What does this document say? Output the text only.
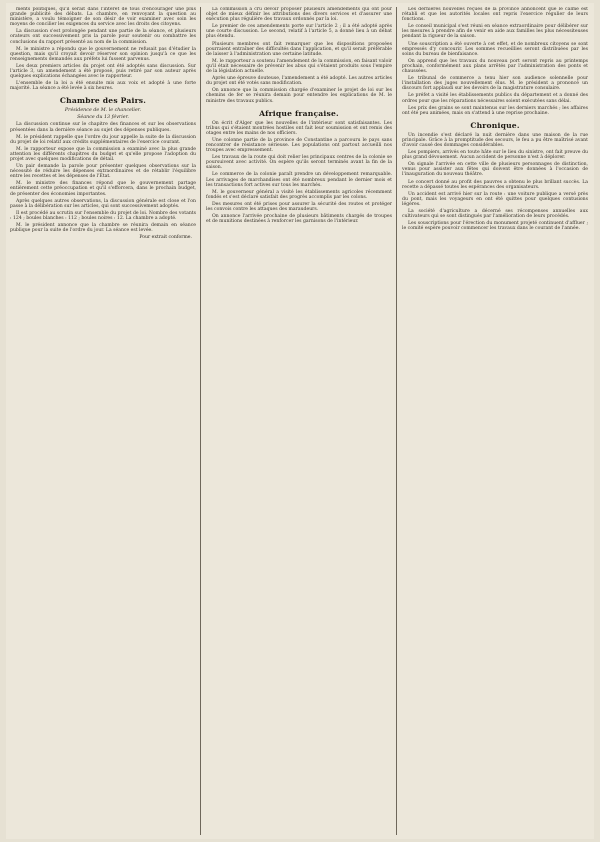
ments politiques, qu'il serait dans l'intérêt de tous d'encourager une plus grande publicité des débats. La chambre, en renvoyant la question au ministère, a voulu témoigner de son désir de voir examiner avec soin les moyens de concilier les exigences du service avec les droits des citoyens.
La discussion s'est prolongée pendant une partie de la séance, et plusieurs orateurs ont successivement pris la parole pour soutenir ou combattre les conclusions du rapport présenté au nom de la commission.
M. le ministre a répondu que le gouvernement ne refusait pas d'étudier la question, mais qu'il croyait devoir réserver son opinion jusqu'à ce que les renseignements demandés aux préfets lui fussent parvenus.
Les deux premiers articles du projet ont été adoptés sans discussion. Sur l'article 3, un amendement a été proposé, puis retiré par son auteur après quelques explications échangées avec le rapporteur.
L'ensemble de la loi a été ensuite mis aux voix et adopté à une forte majorité. La séance a été levée à six heures.
Chambre des Pairs.
Présidence de M. le chancelier.
Séance du 13 février.
La discussion continue sur le chapitre des finances et sur les observations présentées dans la dernière séance au sujet des dépenses publiques.
M. le président rappelle que l'ordre du jour appelle la suite de la discussion du projet de loi relatif aux crédits supplémentaires de l'exercice courant.
M. le rapporteur expose que la commission a examiné avec la plus grande attention les différents chapitres du budget et qu'elle propose l'adoption du projet avec quelques modifications de détail.
Un pair demande la parole pour présenter quelques observations sur la nécessité de réduire les dépenses extraordinaires et de rétablir l'équilibre entre les recettes et les dépenses de l'État.
M. le ministre des finances répond que le gouvernement partage entièrement cette préoccupation et qu'il s'efforcera, dans le prochain budget, de présenter des économies importantes.
Après quelques autres observations, la discussion générale est close et l'on passe à la délibération sur les articles, qui sont successivement adoptés.
Il est procédé au scrutin sur l'ensemble du projet de loi. Nombre des votants : 124 ; boules blanches : 112 ; boules noires : 12. La chambre a adopté.
M. le président annonce que la chambre se réunira demain en séance publique pour la suite de l'ordre du jour. La séance est levée.
Pour extrait conforme.
La commission a cru devoir proposer plusieurs amendements qui ont pour objet de mieux définir les attributions des divers services et d'assurer une exécution plus régulière des travaux ordonnés par la loi.
Le premier de ces amendements porte sur l'article 2 ; il a été adopté après une courte discussion. Le second, relatif à l'article 5, a donné lieu à un débat plus étendu.
Plusieurs membres ont fait remarquer que les dispositions proposées pourraient entraîner des difficultés dans l'application, et qu'il serait préférable de laisser à l'administration une certaine latitude.
M. le rapporteur a soutenu l'amendement de la commission, en faisant valoir qu'il était nécessaire de prévenir les abus qui s'étaient produits sous l'empire de la législation actuelle.
Après une épreuve douteuse, l'amendement a été adopté. Les autres articles du projet ont été votés sans modification.
On annonce que la commission chargée d'examiner le projet de loi sur les chemins de fer se réunira demain pour entendre les explications de M. le ministre des travaux publics.
Afrique française.
On écrit d'Alger que les nouvelles de l'intérieur sont satisfaisantes. Les tribus qui s'étaient montrées hostiles ont fait leur soumission et ont remis des otages entre les mains de nos officiers.
Une colonne partie de la province de Constantine a parcouru le pays sans rencontrer de résistance sérieuse. Les populations ont partout accueilli nos troupes avec empressement.
Les travaux de la route qui doit relier les principaux centres de la colonie se poursuivent avec activité. On espère qu'ils seront terminés avant la fin de la saison.
Le commerce de la colonie paraît prendre un développement remarquable. Les arrivages de marchandises ont été nombreux pendant le dernier mois et les transactions fort actives sur tous les marchés.
M. le gouverneur général a visité les établissements agricoles récemment fondés et s'est déclaré satisfait des progrès accomplis par les colons.
Des mesures ont été prises pour assurer la sécurité des routes et protéger les convois contre les attaques des maraudeurs.
On annonce l'arrivée prochaine de plusieurs bâtiments chargés de troupes et de munitions destinées à renforcer les garnisons de l'intérieur.
Les dernières nouvelles reçues de la province annoncent que le calme est rétabli et que les autorités locales ont repris l'exercice régulier de leurs fonctions.
Le conseil municipal s'est réuni en séance extraordinaire pour délibérer sur les mesures à prendre afin de venir en aide aux familles les plus nécessiteuses pendant la rigueur de la saison.
Une souscription a été ouverte à cet effet, et de nombreux citoyens se sont empressés d'y concourir. Les sommes recueillies seront distribuées par les soins du bureau de bienfaisance.
On apprend que les travaux du nouveau port seront repris au printemps prochain, conformément aux plans arrêtés par l'administration des ponts et chaussées.
Le tribunal de commerce a tenu hier son audience solennelle pour l'installation des juges nouvellement élus. M. le président a prononcé un discours fort applaudi sur les devoirs de la magistrature consulaire.
Le préfet a visité les établissements publics du département et a donné des ordres pour que les réparations nécessaires soient exécutées sans délai.
Les prix des grains se sont maintenus sur les derniers marchés ; les affaires ont été peu animées, mais on s'attend à une reprise prochaine.
Chronique.
Un incendie s'est déclaré la nuit dernière dans une maison de la rue principale. Grâce à la promptitude des secours, le feu a pu être maîtrisé avant d'avoir causé des dommages considérables.
Les pompiers, arrivés en toute hâte sur le lieu du sinistre, ont fait preuve du plus grand dévouement. Aucun accident de personne n'est à déplorer.
On signale l'arrivée en cette ville de plusieurs personnages de distinction, venus pour assister aux fêtes qui doivent être données à l'occasion de l'inauguration du nouveau théâtre.
Le concert donné au profit des pauvres a obtenu le plus brillant succès. La recette a dépassé toutes les espérances des organisateurs.
Un accident est arrivé hier sur la route : une voiture publique a versé près du pont, mais les voyageurs en ont été quittes pour quelques contusions légères.
La société d'agriculture a décerné ses récompenses annuelles aux cultivateurs qui se sont distingués par l'amélioration de leurs procédés.
Les souscriptions pour l'érection du monument projeté continuent d'affluer ; le comité espère pouvoir commencer les travaux dans le courant de l'année.
